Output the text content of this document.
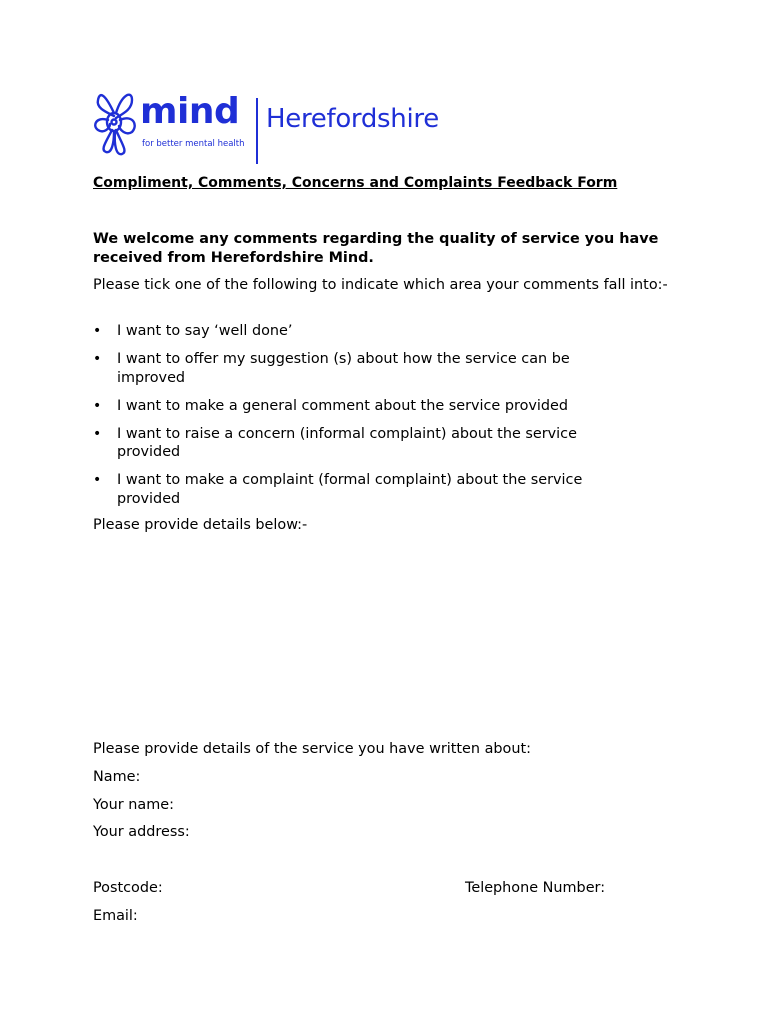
mind
for better mental health
Herefordshire
Compliment, Comments, Concerns and Complaints Feedback Form
We welcome any comments regarding the quality of service you have received from Herefordshire Mind.
Please tick one of the following to indicate which area your comments fall into:-
• I want to say ‘well done’
• I want to offer my suggestion (s) about how the service can be improved
• I want to make a general comment about the service provided
• I want to raise a concern (informal complaint) about the service provided
• I want to make a complaint (formal complaint) about the service provided
Please provide details below:-
Please provide details of the service you have written about:
Name:
Your name:
Your address:
Postcode:	Telephone Number:
Email:
